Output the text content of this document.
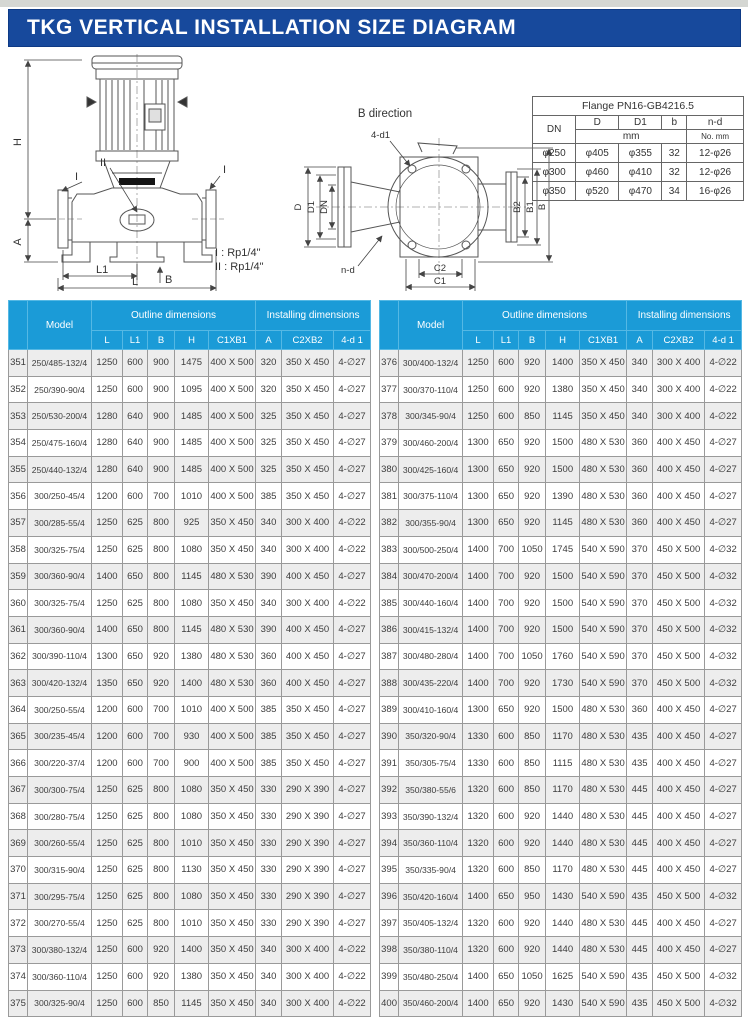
TKG VERTICAL INSTALLATION SIZE DIAGRAM
H
A
L1
L B
II
I
I
B direction
D D1 DN	B2 B1 B
C2
C1
4-d1
n-d
I : Rp1/4"
II : Rp1/4"
Flange PN16-GB4216.5				
DN	D	D1	b	n-d
	mm			No. mm
φ250	φ405	φ355	32	12-φ26
φ300	φ460	φ410	32	12-φ26
φ350	φ520	φ470	34	16-φ26
	Model	Outline dimensions					Installing dimensions		
		L	L1	B	H	C1XB1	A	C2XB2	4-d 1
351	250/485-132/4	1250	600	900	1475	400 X 500	320	350 X 450	4-∅27
352	250/390-90/4	1250	600	900	1095	400 X 500	320	350 X 450	4-∅27
353	250/530-200/4	1280	640	900	1485	400 X 500	325	350 X 450	4-∅27
354	250/475-160/4	1280	640	900	1485	400 X 500	325	350 X 450	4-∅27
355	250/440-132/4	1280	640	900	1485	400 X 500	325	350 X 450	4-∅27
356	300/250-45/4	1200	600	700	1010	400 X 500	385	350 X 450	4-∅27
357	300/285-55/4	1250	625	800	925	350 X 450	340	300 X 400	4-∅22
358	300/325-75/4	1250	625	800	1080	350 X 450	340	300 X 400	4-∅22
359	300/360-90/4	1400	650	800	1145	480 X 530	390	400 X 450	4-∅27
360	300/325-75/4	1250	625	800	1080	350 X 450	340	300 X 400	4-∅22
361	300/360-90/4	1400	650	800	1145	480 X 530	390	400 X 450	4-∅27
362	300/390-110/4	1300	650	920	1380	480 X 530	360	400 X 450	4-∅27
363	300/420-132/4	1350	650	920	1400	480 X 530	360	400 X 450	4-∅27
364	300/250-55/4	1200	600	700	1010	400 X 500	385	350 X 450	4-∅27
365	300/235-45/4	1200	600	700	930	400 X 500	385	350 X 450	4-∅27
366	300/220-37/4	1200	600	700	900	400 X 500	385	350 X 450	4-∅27
367	300/300-75/4	1250	625	800	1080	350 X 450	330	290 X 390	4-∅27
368	300/280-75/4	1250	625	800	1080	350 X 450	330	290 X 390	4-∅27
369	300/260-55/4	1250	625	800	1010	350 X 450	330	290 X 390	4-∅27
370	300/315-90/4	1250	625	800	1130	350 X 450	330	290 X 390	4-∅27
371	300/295-75/4	1250	625	800	1080	350 X 450	330	290 X 390	4-∅27
372	300/270-55/4	1250	625	800	1010	350 X 450	330	290 X 390	4-∅27
373	300/380-132/4	1250	600	920	1400	350 X 450	340	300 X 400	4-∅22
374	300/360-110/4	1250	600	920	1380	350 X 450	340	300 X 400	4-∅22
375	300/325-90/4	1250	600	850	1145	350 X 450	340	300 X 400	4-∅22
	Model	Outline dimensions					Installing dimensions		
		L	L1	B	H	C1XB1	A	C2XB2	4-d 1
376	300/400-132/4	1250	600	920	1400	350 X 450	340	300 X 400	4-∅22
377	300/370-110/4	1250	600	920	1380	350 X 450	340	300 X 400	4-∅22
378	300/345-90/4	1250	600	850	1145	350 X 450	340	300 X 400	4-∅22
379	300/460-200/4	1300	650	920	1500	480 X 530	360	400 X 450	4-∅27
380	300/425-160/4	1300	650	920	1500	480 X 530	360	400 X 450	4-∅27
381	300/375-110/4	1300	650	920	1390	480 X 530	360	400 X 450	4-∅27
382	300/355-90/4	1300	650	920	1145	480 X 530	360	400 X 450	4-∅27
383	300/500-250/4	1400	700	1050	1745	540 X 590	370	450 X 500	4-∅32
384	300/470-200/4	1400	700	920	1500	540 X 590	370	450 X 500	4-∅32
385	300/440-160/4	1400	700	920	1500	540 X 590	370	450 X 500	4-∅32
386	300/415-132/4	1400	700	920	1500	540 X 590	370	450 X 500	4-∅32
387	300/480-280/4	1400	700	1050	1760	540 X 590	370	450 X 500	4-∅32
388	300/435-220/4	1400	700	920	1730	540 X 590	370	450 X 500	4-∅32
389	300/410-160/4	1300	650	920	1500	480 X 530	360	400 X 450	4-∅27
390	350/320-90/4	1330	600	850	1170	480 X 530	435	400 X 450	4-∅27
391	350/305-75/4	1330	600	850	1115	480 X 530	435	400 X 450	4-∅27
392	350/380-55/6	1320	600	850	1170	480 X 530	445	400 X 450	4-∅27
393	350/390-132/4	1320	600	920	1440	480 X 530	445	400 X 450	4-∅27
394	350/360-110/4	1320	600	920	1440	480 X 530	445	400 X 450	4-∅27
395	350/335-90/4	1320	600	850	1170	480 X 530	445	400 X 450	4-∅27
396	350/420-160/4	1400	650	950	1430	540 X 590	435	450 X 500	4-∅32
397	350/405-132/4	1320	600	920	1440	480 X 530	445	400 X 450	4-∅27
398	350/380-110/4	1320	600	920	1440	480 X 530	445	400 X 450	4-∅27
399	350/480-250/4	1400	650	1050	1625	540 X 590	435	450 X 500	4-∅32
400	350/460-200/4	1400	650	920	1430	540 X 590	435	450 X 500	4-∅32
